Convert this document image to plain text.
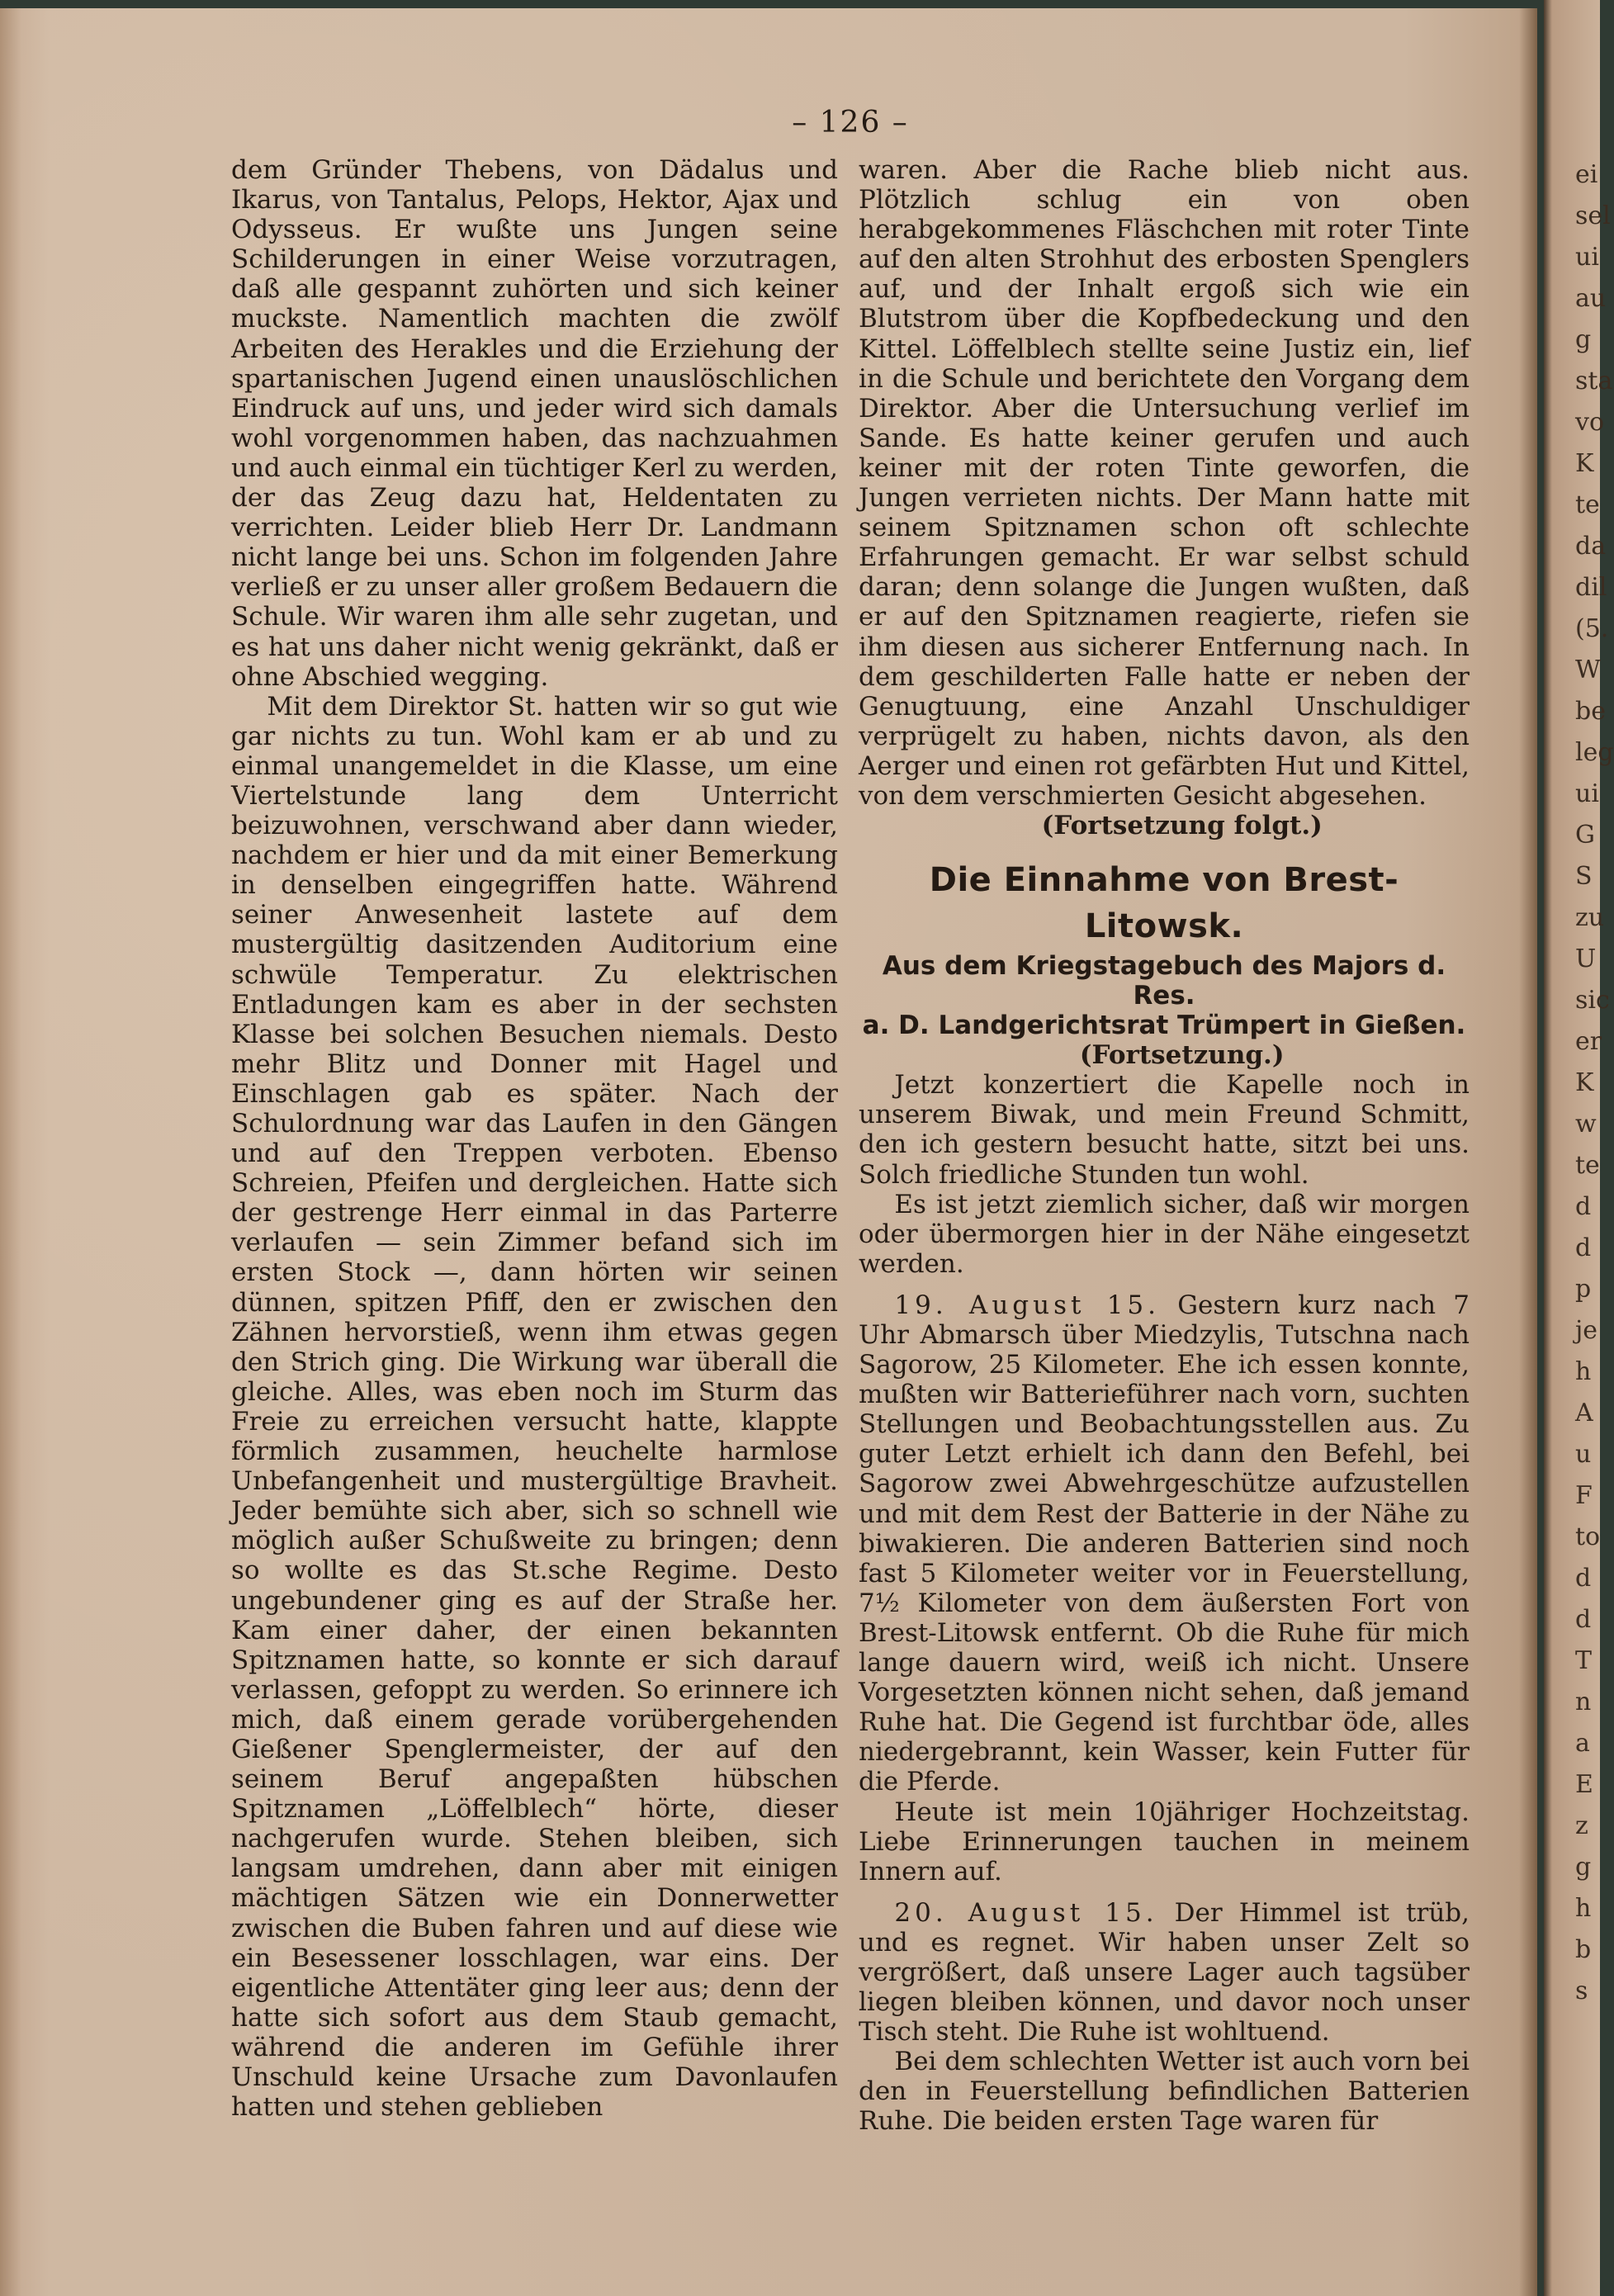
– 126 –

dem Gründer Thebens, von Dädalus und Ikarus, von Tantalus, Pelops, Hektor, Ajax und Odysseus. Er wußte uns Jungen seine Schilderungen in einer Weise vorzutragen, daß alle gespannt zuhörten und sich keiner muckste. Namentlich machten die zwölf Arbeiten des Herakles und die Erziehung der spartanischen Jugend einen unauslöschlichen Eindruck auf uns, und jeder wird sich damals wohl vorgenommen haben, das nachzuahmen und auch einmal ein tüchtiger Kerl zu werden, der das Zeug dazu hat, Heldentaten zu verrichten. Leider blieb Herr Dr. Landmann nicht lange bei uns. Schon im folgenden Jahre verließ er zu unser aller großem Bedauern die Schule. Wir waren ihm alle sehr zugetan, und es hat uns daher nicht wenig gekränkt, daß er ohne Abschied wegging.

Mit dem Direktor St. hatten wir so gut wie gar nichts zu tun. Wohl kam er ab und zu einmal unangemeldet in die Klasse, um eine Viertelstunde lang dem Unterricht beizuwohnen, verschwand aber dann wieder, nachdem er hier und da mit einer Bemerkung in denselben eingegriffen hatte. Während seiner Anwesenheit lastete auf dem mustergültig dasitzenden Auditorium eine schwüle Temperatur. Zu elektrischen Entladungen kam es aber in der sechsten Klasse bei solchen Besuchen niemals. Desto mehr Blitz und Donner mit Hagel und Einschlagen gab es später. Nach der Schulordnung war das Laufen in den Gängen und auf den Treppen verboten. Ebenso Schreien, Pfeifen und dergleichen. Hatte sich der gestrenge Herr einmal in das Parterre verlaufen — sein Zimmer befand sich im ersten Stock —, dann hörten wir seinen dünnen, spitzen Pfiff, den er zwischen den Zähnen hervorstieß, wenn ihm etwas gegen den Strich ging. Die Wirkung war überall die gleiche. Alles, was eben noch im Sturm das Freie zu erreichen versucht hatte, klappte förmlich zusammen, heuchelte harmlose Unbefangenheit und mustergültige Bravheit. Jeder bemühte sich aber, sich so schnell wie möglich außer Schußweite zu bringen; denn so wollte es das St.sche Regime. Desto ungebundener ging es auf der Straße her. Kam einer daher, der einen bekannten Spitznamen hatte, so konnte er sich darauf verlassen, gefoppt zu werden. So erinnere ich mich, daß einem gerade vorübergehenden Gießener Spenglermeister, der auf den seinem Beruf angepaßten hübschen Spitznamen „Löffelblech“ hörte, dieser nachgerufen wurde. Stehen bleiben, sich langsam umdrehen, dann aber mit einigen mächtigen Sätzen wie ein Donnerwetter zwischen die Buben fahren und auf diese wie ein Besessener losschlagen, war eins. Der eigentliche Attentäter ging leer aus; denn der hatte sich sofort aus dem Staub gemacht, während die anderen im Gefühle ihrer Unschuld keine Ursache zum Davonlaufen hatten und stehen geblieben

waren. Aber die Rache blieb nicht aus. Plötzlich schlug ein von oben herabgekommenes Fläschchen mit roter Tinte auf den alten Strohhut des erbosten Spenglers auf, und der Inhalt ergoß sich wie ein Blutstrom über die Kopfbedeckung und den Kittel. Löffelblech stellte seine Justiz ein, lief in die Schule und berichtete den Vorgang dem Direktor. Aber die Untersuchung verlief im Sande. Es hatte keiner gerufen und auch keiner mit der roten Tinte geworfen, die Jungen verrieten nichts. Der Mann hatte mit seinem Spitznamen schon oft schlechte Erfahrungen gemacht. Er war selbst schuld daran; denn solange die Jungen wußten, daß er auf den Spitznamen reagierte, riefen sie ihm diesen aus sicherer Entfernung nach. In dem geschilderten Falle hatte er neben der Genugtuung, eine Anzahl Unschuldiger verprügelt zu haben, nichts davon, als den Aerger und einen rot gefärbten Hut und Kittel, von dem verschmierten Gesicht abgesehen.

(Fortsetzung folgt.)

Die Einnahme von Brest-Litowsk.
Aus dem Kriegstagebuch des Majors d. Res.
a. D. Landgerichtsrat Trümpert in Gießen.

(Fortsetzung.)

Jetzt konzertiert die Kapelle noch in unserem Biwak, und mein Freund Schmitt, den ich gestern besucht hatte, sitzt bei uns. Solch friedliche Stunden tun wohl.

Es ist jetzt ziemlich sicher, daß wir morgen oder übermorgen hier in der Nähe eingesetzt werden.

19. August 15. Gestern kurz nach 7 Uhr Abmarsch über Miedzylis, Tutschna nach Sagorow, 25 Kilometer. Ehe ich essen konnte, mußten wir Batterieführer nach vorn, suchten Stellungen und Beobachtungsstellen aus. Zu guter Letzt erhielt ich dann den Befehl, bei Sagorow zwei Abwehrgeschütze aufzustellen und mit dem Rest der Batterie in der Nähe zu biwakieren. Die anderen Batterien sind noch fast 5 Kilometer weiter vor in Feuerstellung, 7½ Kilometer von dem äußersten Fort von Brest-Litowsk entfernt. Ob die Ruhe für mich lange dauern wird, weiß ich nicht. Unsere Vorgesetzten können nicht sehen, daß jemand Ruhe hat. Die Gegend ist furchtbar öde, alles niedergebrannt, kein Wasser, kein Futter für die Pferde.

Heute ist mein 10jähriger Hochzeitstag. Liebe Erinnerungen tauchen in meinem Innern auf.

20. August 15. Der Himmel ist trüb, und es regnet. Wir haben unser Zelt so vergrößert, daß unsere Lager auch tagsüber liegen bleiben können, und davor noch unser Tisch steht. Die Ruhe ist wohltuend.

Bei dem schlechten Wetter ist auch vorn bei den in Feuerstellung befindlichen Batterien Ruhe. Die beiden ersten Tage waren für

ei
sel
ui
au
g
sta
vo
K
te
da
dil
(5.
W
be
leg
ui
G
S
zu
U
sic
er
K
w
te
d
d
p
je
h
A
u
F
to
d
d
T
n
a
E
z
g
h
b
s
